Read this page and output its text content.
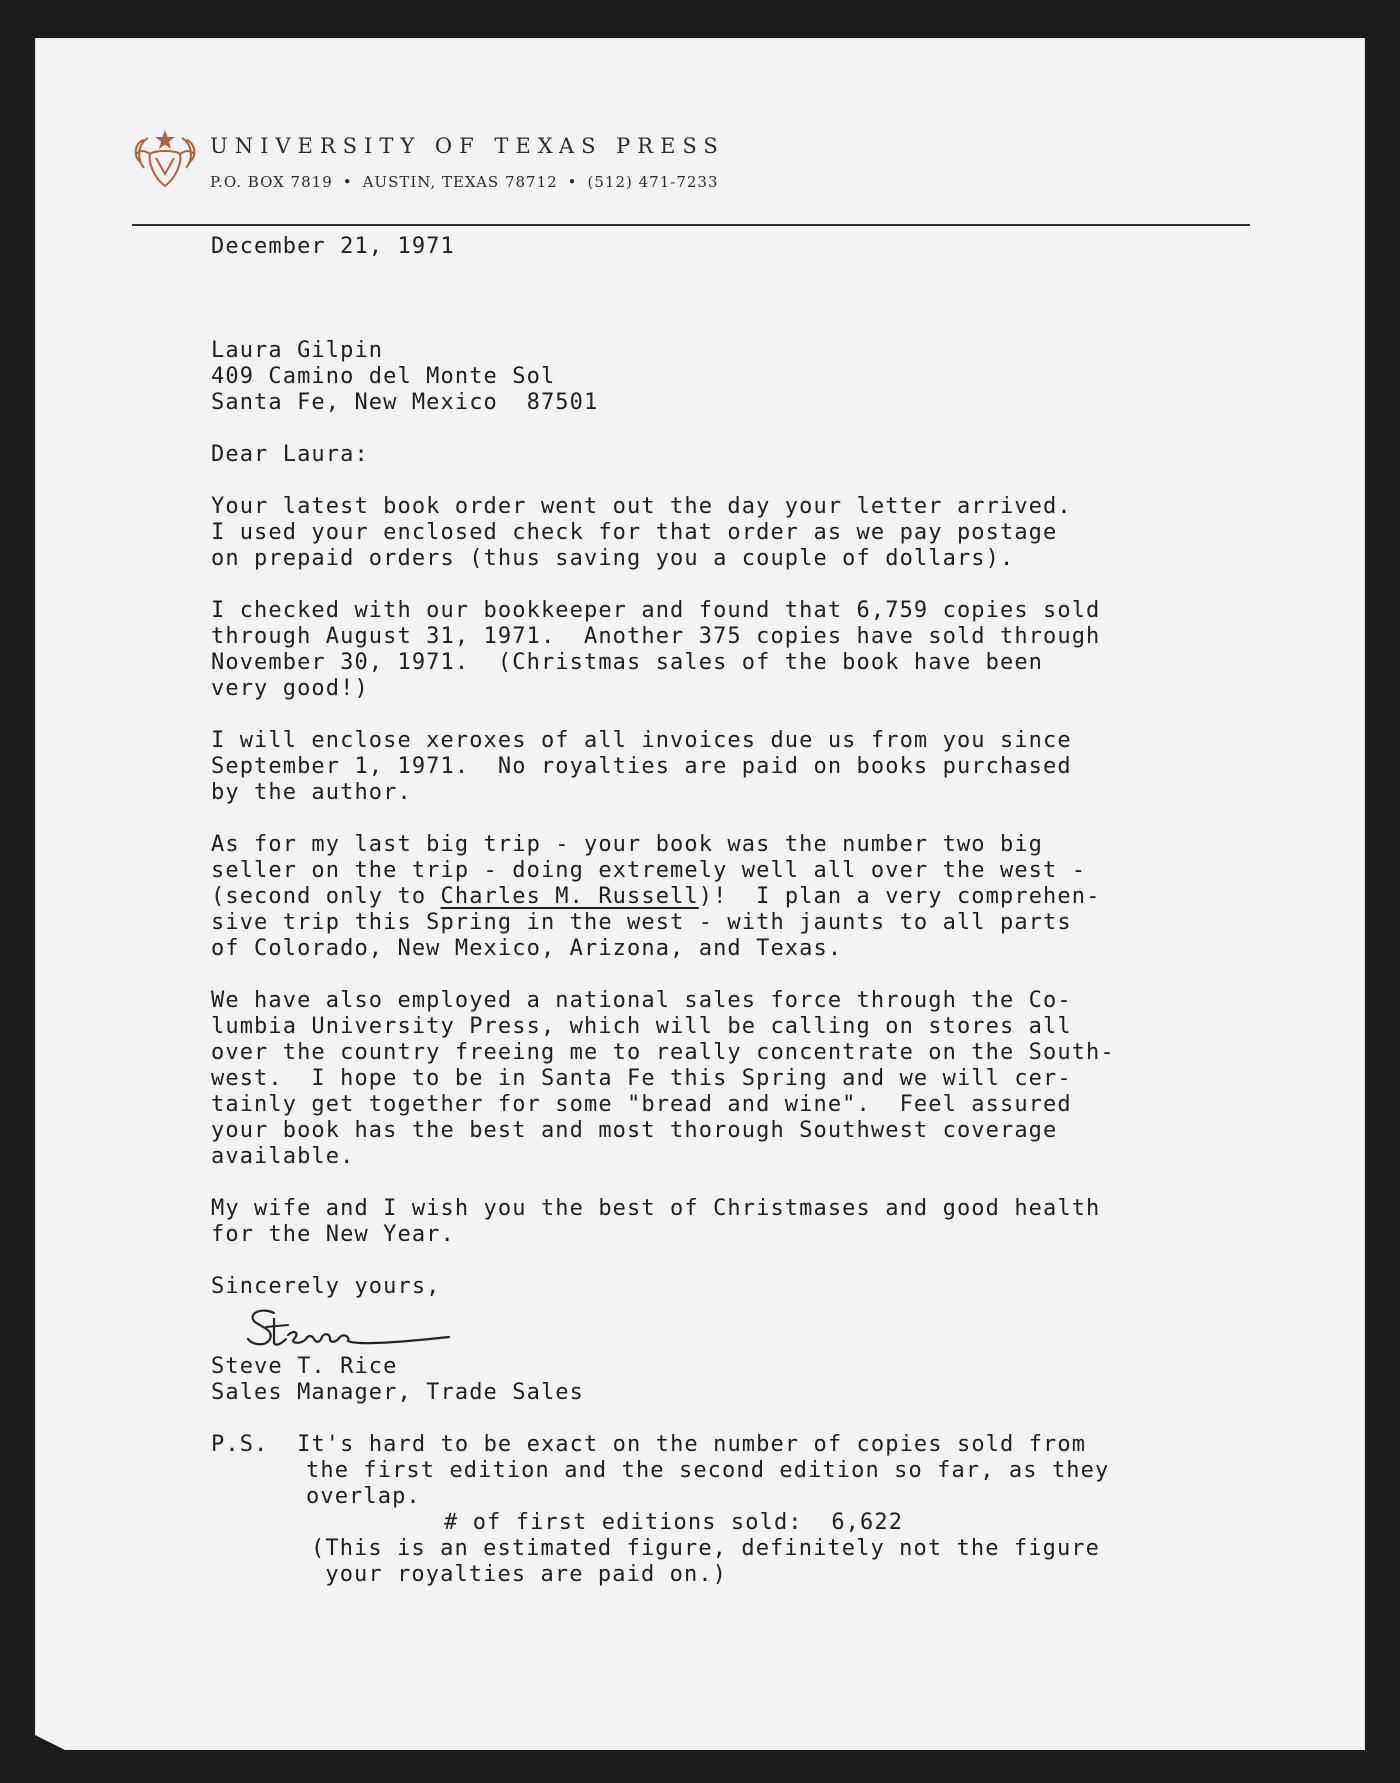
UNIVERSITY OF TEXAS PRESS
P.O. BOX 7819 • AUSTIN, TEXAS 78712 • (512) 471-7233
December 21, 1971
Laura Gilpin
409 Camino del Monte Sol
Santa Fe, New Mexico  87501
Dear Laura:
Your latest book order went out the day your letter arrived.
I used your enclosed check for that order as we pay postage
on prepaid orders (thus saving you a couple of dollars).
I checked with our bookkeeper and found that 6,759 copies sold
through August 31, 1971.  Another 375 copies have sold through
November 30, 1971.  (Christmas sales of the book have been
very good!)
I will enclose xeroxes of all invoices due us from you since
September 1, 1971.  No royalties are paid on books purchased
by the author.
As for my last big trip - your book was the number two big
seller on the trip - doing extremely well all over the west -
(second only to Charles M. Russell)!  I plan a very comprehen-
sive trip this Spring in the west - with jaunts to all parts
of Colorado, New Mexico, Arizona, and Texas.
We have also employed a national sales force through the Co-
lumbia University Press, which will be calling on stores all
over the country freeing me to really concentrate on the South-
west.  I hope to be in Santa Fe this Spring and we will cer-
tainly get together for some "bread and wine".  Feel assured
your book has the best and most thorough Southwest coverage
available.
My wife and I wish you the best of Christmases and good health
for the New Year.
Sincerely yours,
Steve T. Rice
Sales Manager, Trade Sales
P.S. It's hard to be exact on the number of copies sold from
the first edition and the second edition so far, as they
overlap.
# of first editions sold:  6,622
(This is an estimated figure, definitely not the figure
your royalties are paid on.)
